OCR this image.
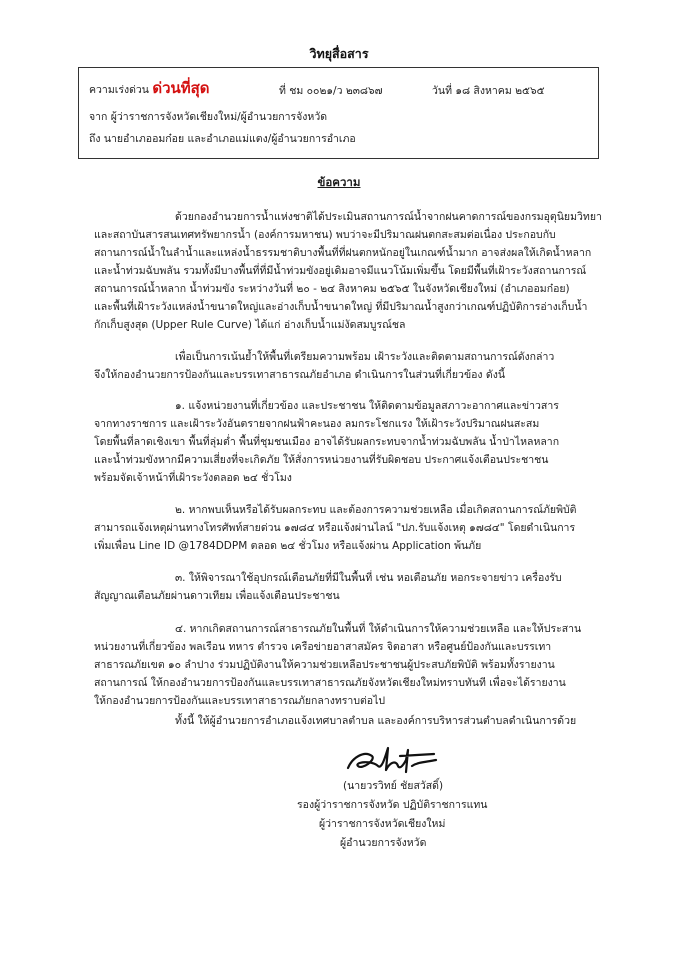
วิทยุสื่อสาร
ความเร่งด่วน ด่วนที่สุด	ที่ ชม ๐๐๒๑/ว ๒๓๘๖๗	วันที่ ๑๘ สิงหาคม ๒๕๖๕
จาก ผู้ว่าราชการจังหวัดเชียงใหม่/ผู้อำนวยการจังหวัด
ถึง นายอำเภออมก๋อย และอำเภอแม่แตง/ผู้อำนวยการอำเภอ
ข้อความ
ด้วยกองอำนวยการน้ำแห่งชาติได้ประเมินสถานการณ์น้ำจากฝนคาดการณ์ของกรมอุตุนิยมวิทยา
และสถาบันสารสนเทศทรัพยากรน้ำ (องค์การมหาชน) พบว่าจะมีปริมาณฝนตกสะสมต่อเนื่อง ประกอบกับ
สถานการณ์น้ำในลำน้ำและแหล่งน้ำธรรมชาติบางพื้นที่ที่ฝนตกหนักอยู่ในเกณฑ์น้ำมาก อาจส่งผลให้เกิดน้ำหลาก
และน้ำท่วมฉับพลัน รวมทั้งมีบางพื้นที่ที่มีน้ำท่วมขังอยู่เดิมอาจมีแนวโน้มเพิ่มขึ้น โดยมีพื้นที่เฝ้าระวังสถานการณ์
สถานการณ์น้ำหลาก น้ำท่วมขัง ระหว่างวันที่ ๒๐ - ๒๔ สิงหาคม ๒๕๖๕ ในจังหวัดเชียงใหม่ (อำเภออมก๋อย)
และพื้นที่เฝ้าระวังแหล่งน้ำขนาดใหญ่และอ่างเก็บน้ำขนาดใหญ่ ที่มีปริมาณน้ำสูงกว่าเกณฑ์ปฏิบัติการอ่างเก็บน้ำ
กักเก็บสูงสุด (Upper Rule Curve) ได้แก่ อ่างเก็บน้ำแม่งัดสมบูรณ์ชล
เพื่อเป็นการเน้นย้ำให้พื้นที่เตรียมความพร้อม เฝ้าระวังและติดตามสถานการณ์ดังกล่าว
จึงให้กองอำนวยการป้องกันและบรรเทาสาธารณภัยอำเภอ ดำเนินการในส่วนที่เกี่ยวข้อง ดังนี้
๑. แจ้งหน่วยงานที่เกี่ยวข้อง และประชาชน ให้ติดตามข้อมูลสภาวะอากาศและข่าวสาร
จากทางราชการ และเฝ้าระวังอันตรายจากฝนฟ้าคะนอง ลมกระโชกแรง ให้เฝ้าระวังปริมาณฝนสะสม
โดยพื้นที่ลาดเชิงเขา พื้นที่ลุ่มต่ำ พื้นที่ชุมชนเมือง อาจได้รับผลกระทบจากน้ำท่วมฉับพลัน น้ำป่าไหลหลาก
และน้ำท่วมขังหากมีความเสี่ยงที่จะเกิดภัย ให้สั่งการหน่วยงานที่รับผิดชอบ ประกาศแจ้งเตือนประชาชน
พร้อมจัดเจ้าหน้าที่เฝ้าระวังตลอด ๒๔ ชั่วโมง
๒. หากพบเห็นหรือได้รับผลกระทบ และต้องการความช่วยเหลือ เมื่อเกิดสถานการณ์ภัยพิบัติ
สามารถแจ้งเหตุผ่านทางโทรศัพท์สายด่วน ๑๗๘๔ หรือแจ้งผ่านไลน์ "ปภ.รับแจ้งเหตุ ๑๗๘๔" โดยดำเนินการ
เพิ่มเพื่อน Line ID @1784DDPM ตลอด ๒๔ ชั่วโมง หรือแจ้งผ่าน Application พ้นภัย
๓. ให้พิจารณาใช้อุปกรณ์เตือนภัยที่มีในพื้นที่ เช่น หอเตือนภัย หอกระจายข่าว เครื่องรับ
สัญญาณเตือนภัยผ่านดาวเทียม เพื่อแจ้งเตือนประชาชน
๔. หากเกิดสถานการณ์สาธารณภัยในพื้นที่ ให้ดำเนินการให้ความช่วยเหลือ และให้ประสาน
หน่วยงานที่เกี่ยวข้อง พลเรือน ทหาร ตำรวจ เครือข่ายอาสาสมัคร จิตอาสา หรือศูนย์ป้องกันและบรรเทา
สาธารณภัยเขต ๑๐ ลำปาง ร่วมปฏิบัติงานให้ความช่วยเหลือประชาชนผู้ประสบภัยพิบัติ พร้อมทั้งรายงาน
สถานการณ์ ให้กองอำนวยการป้องกันและบรรเทาสาธารณภัยจังหวัดเชียงใหม่ทราบทันที เพื่อจะได้รายงาน
ให้กองอำนวยการป้องกันและบรรเทาสาธารณภัยกลางทราบต่อไป
ทั้งนี้ ให้ผู้อำนวยการอำเภอแจ้งเทศบาลตำบล และองค์การบริหารส่วนตำบลดำเนินการด้วย
(นายวรวิทย์ ชัยสวัสดิ์)
รองผู้ว่าราชการจังหวัด ปฏิบัติราชการแทน
ผู้ว่าราชการจังหวัดเชียงใหม่
ผู้อำนวยการจังหวัด
